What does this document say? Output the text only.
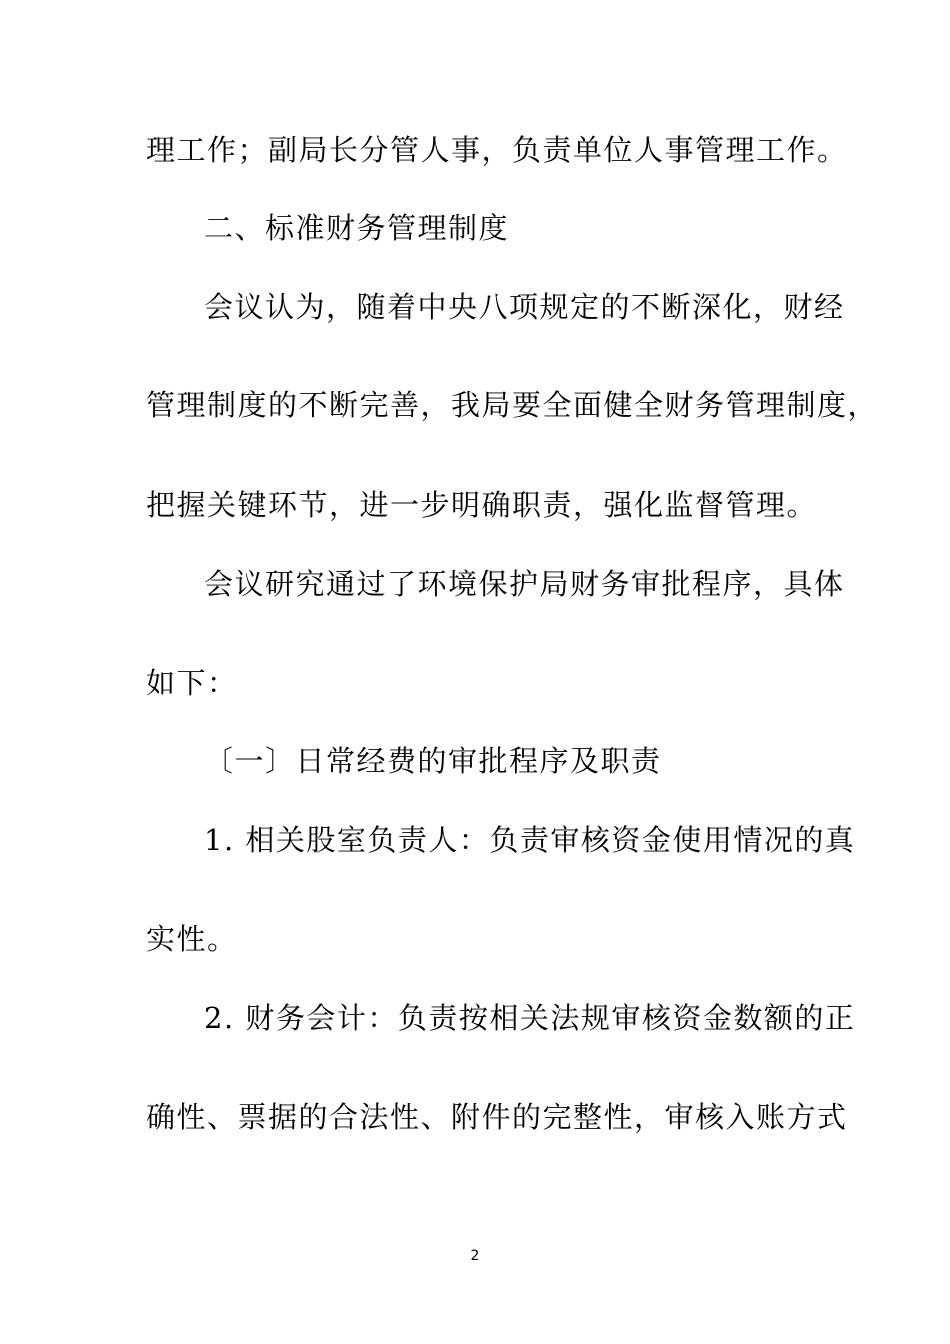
理工作；副局长分管人事，负责单位人事管理工作。
二、标准财务管理制度
会议认为，随着中央八项规定的不断深化，财经
管理制度的不断完善，我局要全面健全财务管理制度，
把握关键环节，进一步明确职责，强化监督管理。
会议研究通过了环境保护局财务审批程序，具体
如下：
〔一〕日常经费的审批程序及职责
1. 相关股室负责人：负责审核资金使用情况的真
实性。
2. 财务会计：负责按相关法规审核资金数额的正
确性、票据的合法性、附件的完整性，审核入账方式
2
